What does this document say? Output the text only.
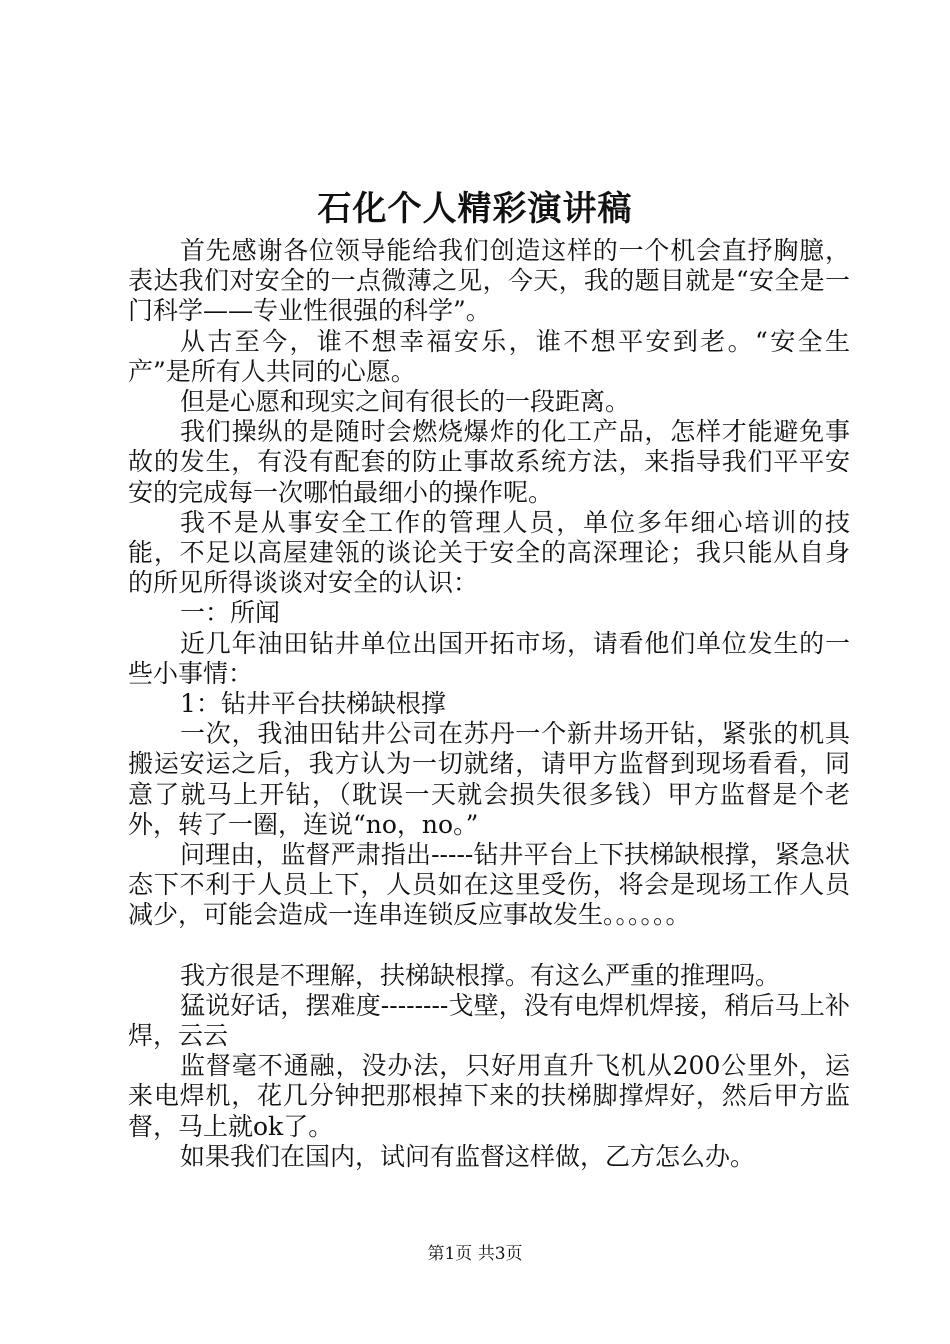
石化个人精彩演讲稿

首先感谢各位领导能给我们创造这样的一个机会直抒胸臆，表达我们对安全的一点微薄之见，今天，我的题目就是“安全是一门科学——专业性很强的科学”。

从古至今，谁不想幸福安乐，谁不想平安到老。“安全生产”是所有人共同的心愿。

但是心愿和现实之间有很长的一段距离。

我们操纵的是随时会燃烧爆炸的化工产品，怎样才能避免事故的发生，有没有配套的防止事故系统方法，来指导我们平平安安的完成每一次哪怕最细小的操作呢。

我不是从事安全工作的管理人员，单位多年细心培训的技能，不足以高屋建瓴的谈论关于安全的高深理论；我只能从自身的所见所得谈谈对安全的认识：

一：所闻

近几年油田钻井单位出国开拓市场，请看他们单位发生的一些小事情：

1：钻井平台扶梯缺根撑

一次，我油田钻井公司在苏丹一个新井场开钻，紧张的机具搬运安运之后，我方认为一切就绪，请甲方监督到现场看看，同意了就马上开钻，（耽误一天就会损失很多钱）甲方监督是个老外，转了一圈，连说“no，no。”

问理由，监督严肃指出-----钻井平台上下扶梯缺根撑，紧急状态下不利于人员上下，人员如在这里受伤，将会是现场工作人员减少，可能会造成一连串连锁反应事故发生。。。。。。

我方很是不理解，扶梯缺根撑。有这么严重的推理吗。

猛说好话，摆难度--------戈壁，没有电焊机焊接，稍后马上补焊，云云

监督毫不通融，没办法，只好用直升飞机从200公里外，运来电焊机，花几分钟把那根掉下来的扶梯脚撑焊好，然后甲方监督，马上就ok了。

如果我们在国内，试问有监督这样做，乙方怎么办。

第1页 共3页
